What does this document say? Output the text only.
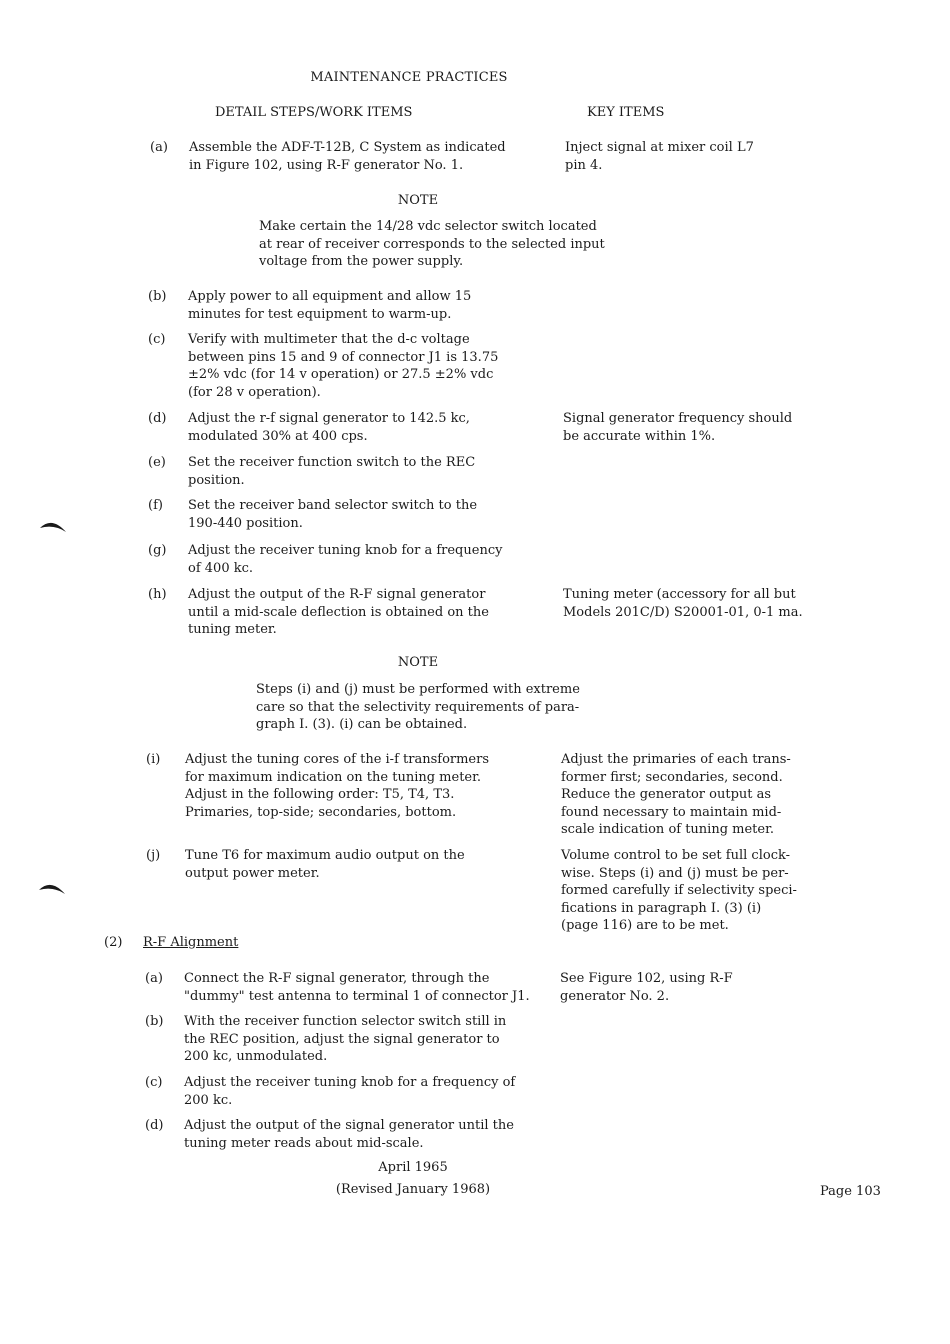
MAINTENANCE PRACTICES
DETAIL STEPS/WORK ITEMS	KEY ITEMS
(a) Assemble the ADF-T-12B, C System as indicated
in Figure 102, using R-F generator No. 1.
Inject signal at mixer coil L7
pin 4.
NOTE
Make certain the 14/28 vdc selector switch located
at rear of receiver corresponds to the selected input
voltage from the power supply.
(b) Apply power to all equipment and allow 15
minutes for test equipment to warm-up.
(c) Verify with multimeter that the d-c voltage
between pins 15 and 9 of connector J1 is 13.75
±2% vdc (for 14 v operation) or 27.5 ±2% vdc
(for 28 v operation).
(d) Adjust the r-f signal generator to 142.5 kc,
modulated 30% at 400 cps.
Signal generator frequency should
be accurate within 1%.
(e) Set the receiver function switch to the REC
position.
(f) Set the receiver band selector switch to the
190-440 position.
(g) Adjust the receiver tuning knob for a frequency
of 400 kc.
(h) Adjust the output of the R-F signal generator
until a mid-scale deflection is obtained on the
tuning meter.
Tuning meter (accessory for all but
Models 201C/D) S20001-01, 0-1 ma.
NOTE
Steps (i) and (j) must be performed with extreme
care so that the selectivity requirements of para-
graph I. (3). (i) can be obtained.
(i) Adjust the tuning cores of the i-f transformers
for maximum indication on the tuning meter.
Adjust in the following order: T5, T4, T3.
Primaries, top-side; secondaries, bottom.
Adjust the primaries of each trans-
former first; secondaries, second.
Reduce the generator output as
found necessary to maintain mid-
scale indication of tuning meter.
(j) Tune T6 for maximum audio output on the
output power meter.
Volume control to be set full clock-
wise. Steps (i) and (j) must be per-
formed carefully if selectivity speci-
fications in paragraph I. (3) (i)
(page 116) are to be met.
(2) R-F Alignment
(a) Connect the R-F signal generator, through the
"dummy" test antenna to terminal 1 of connector J1.
See Figure 102, using R-F
generator No. 2.
(b) With the receiver function selector switch still in
the REC position, adjust the signal generator to
200 kc, unmodulated.
(c) Adjust the receiver tuning knob for a frequency of
200 kc.
(d) Adjust the output of the signal generator until the
tuning meter reads about mid-scale.
April 1965
(Revised January 1968)	Page 103
